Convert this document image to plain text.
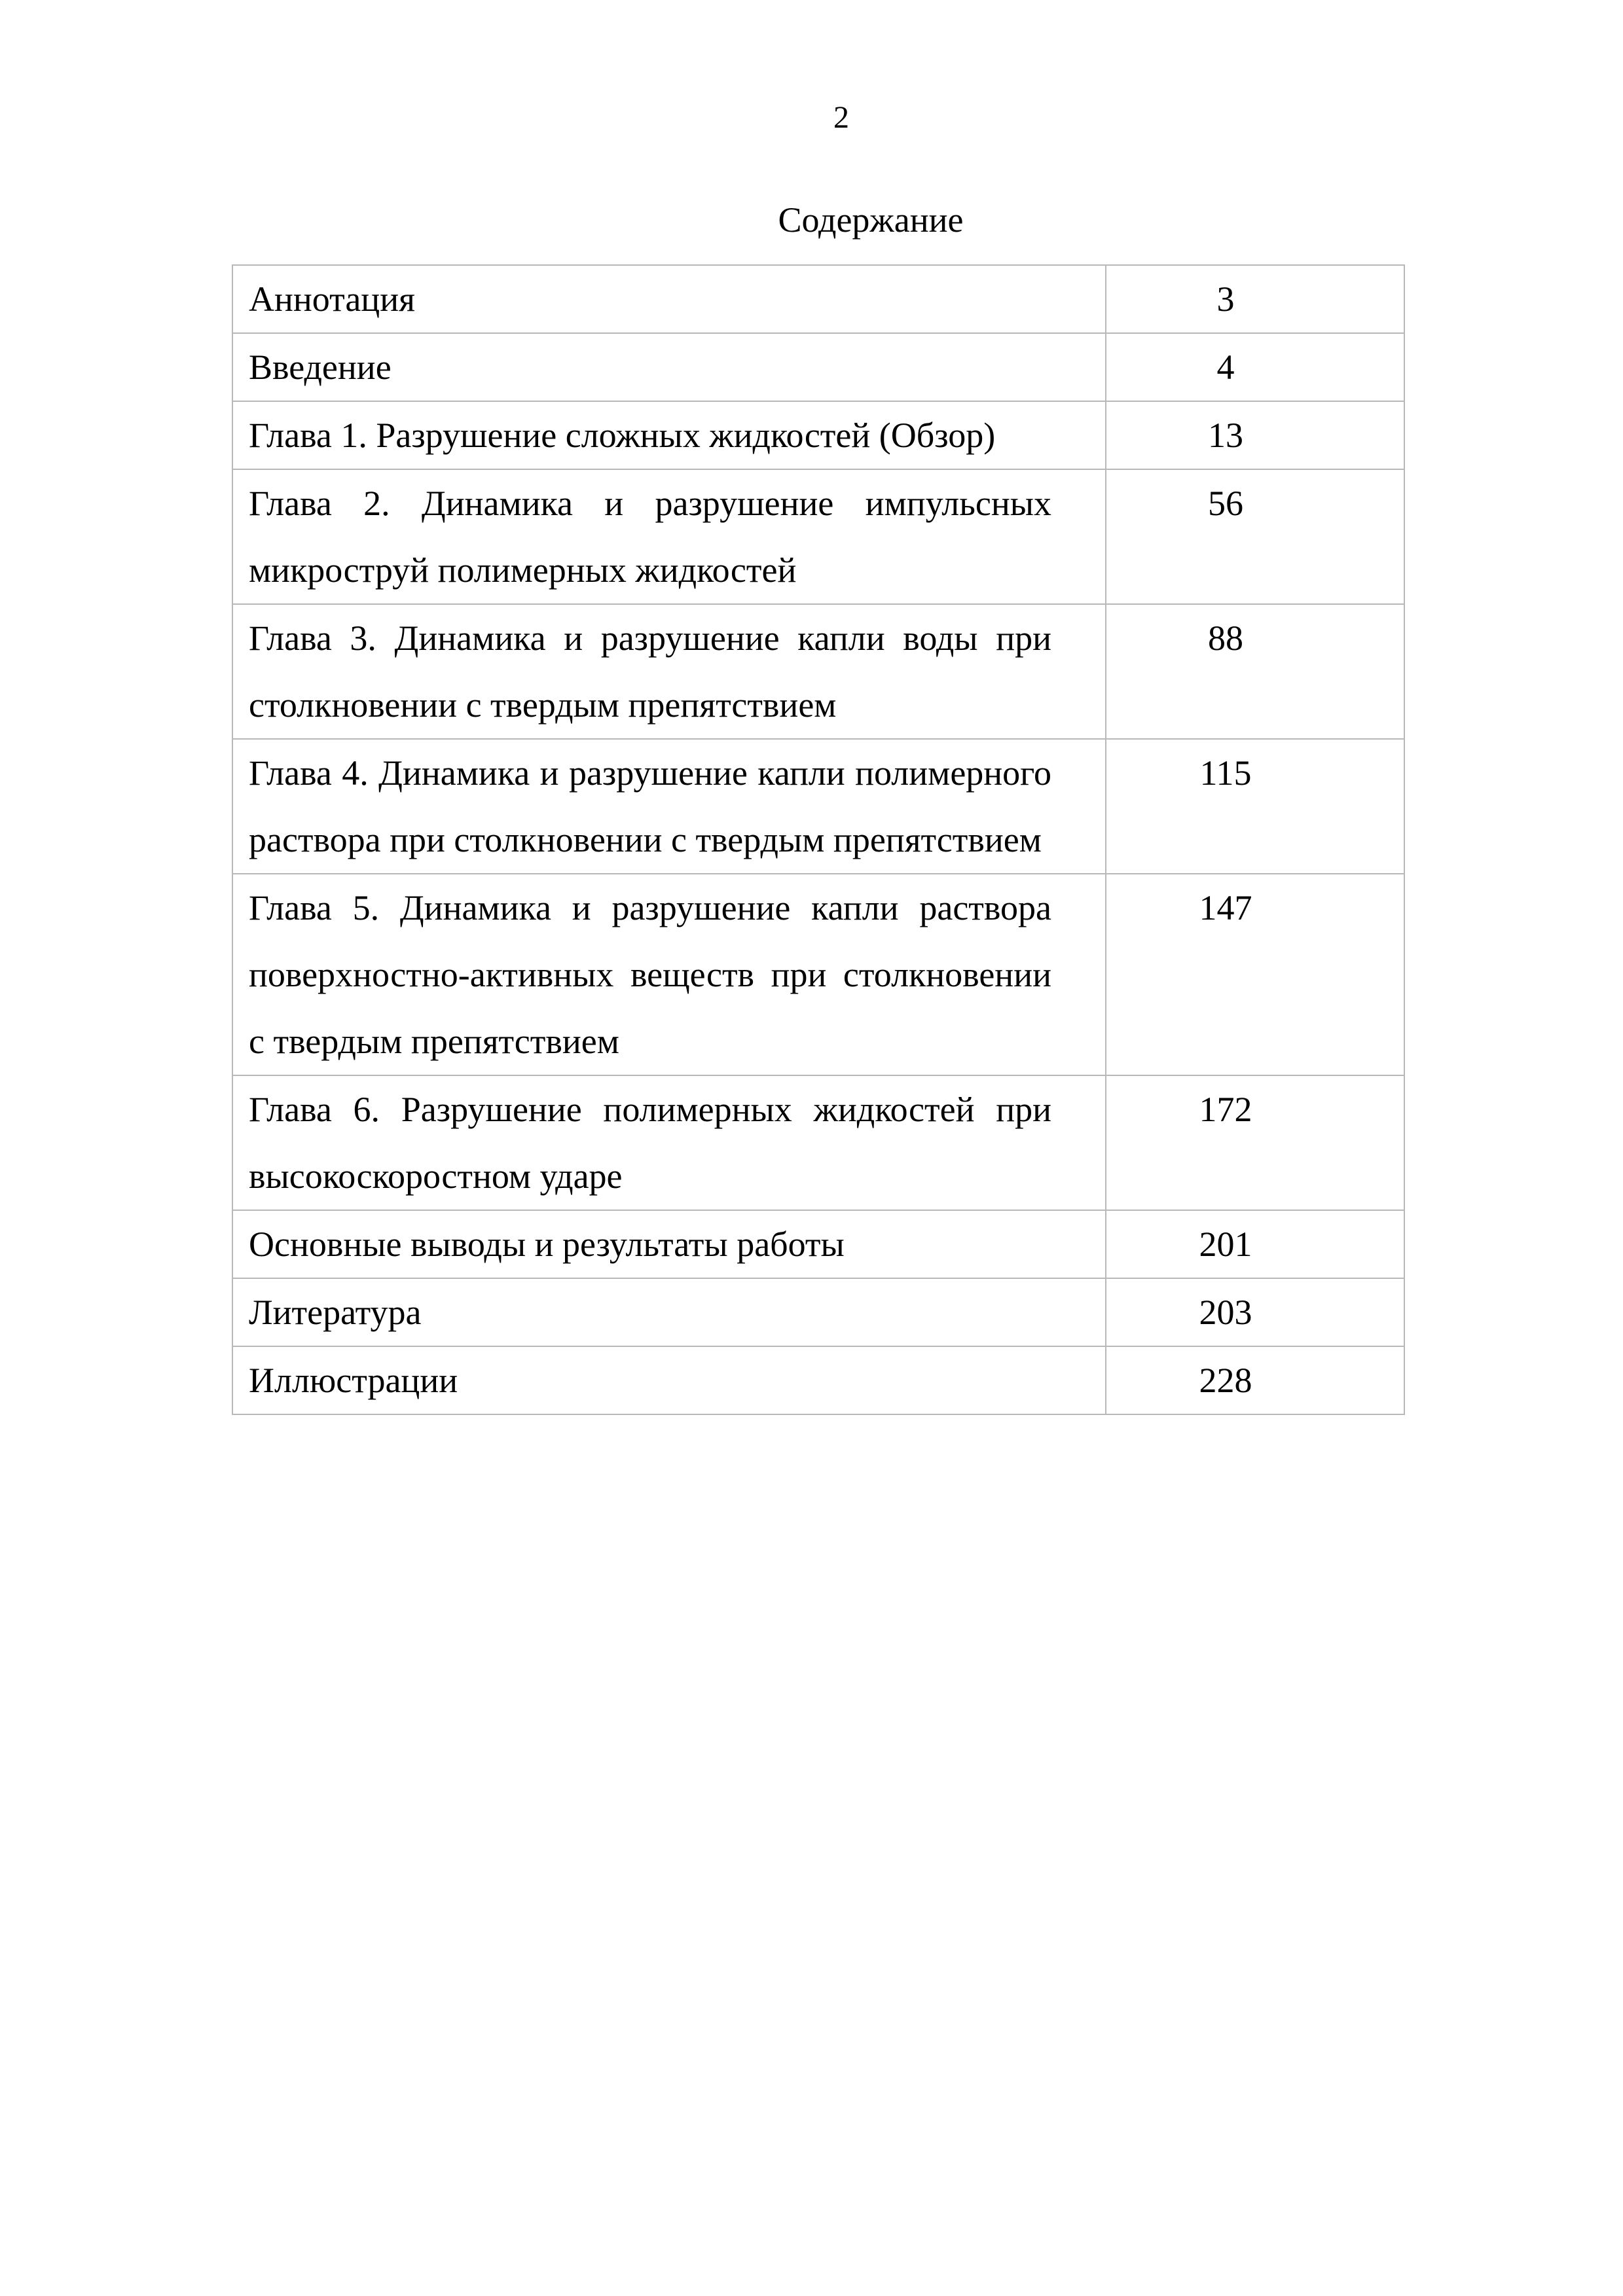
2
Содержание
Аннотация	3
Введение	4
Глава 1. Разрушение сложных жидкостей (Обзор)	13
Глава 2. Динамика и разрушение импульсных микроструй полимерных жидкостей	56
Глава 3. Динамика и разрушение капли воды при столкновении с твердым препятствием	88
Глава 4. Динамика и разрушение капли полимерного раствора при столкновении с твердым препятствием	115
Глава 5. Динамика и разрушение капли раствора поверхностно-активных веществ при столкновении с твердым препятствием	147
Глава 6. Разрушение полимерных жидкостей при высокоскоростном ударе	172
Основные выводы и результаты работы	201
Литература	203
Иллюстрации	228
